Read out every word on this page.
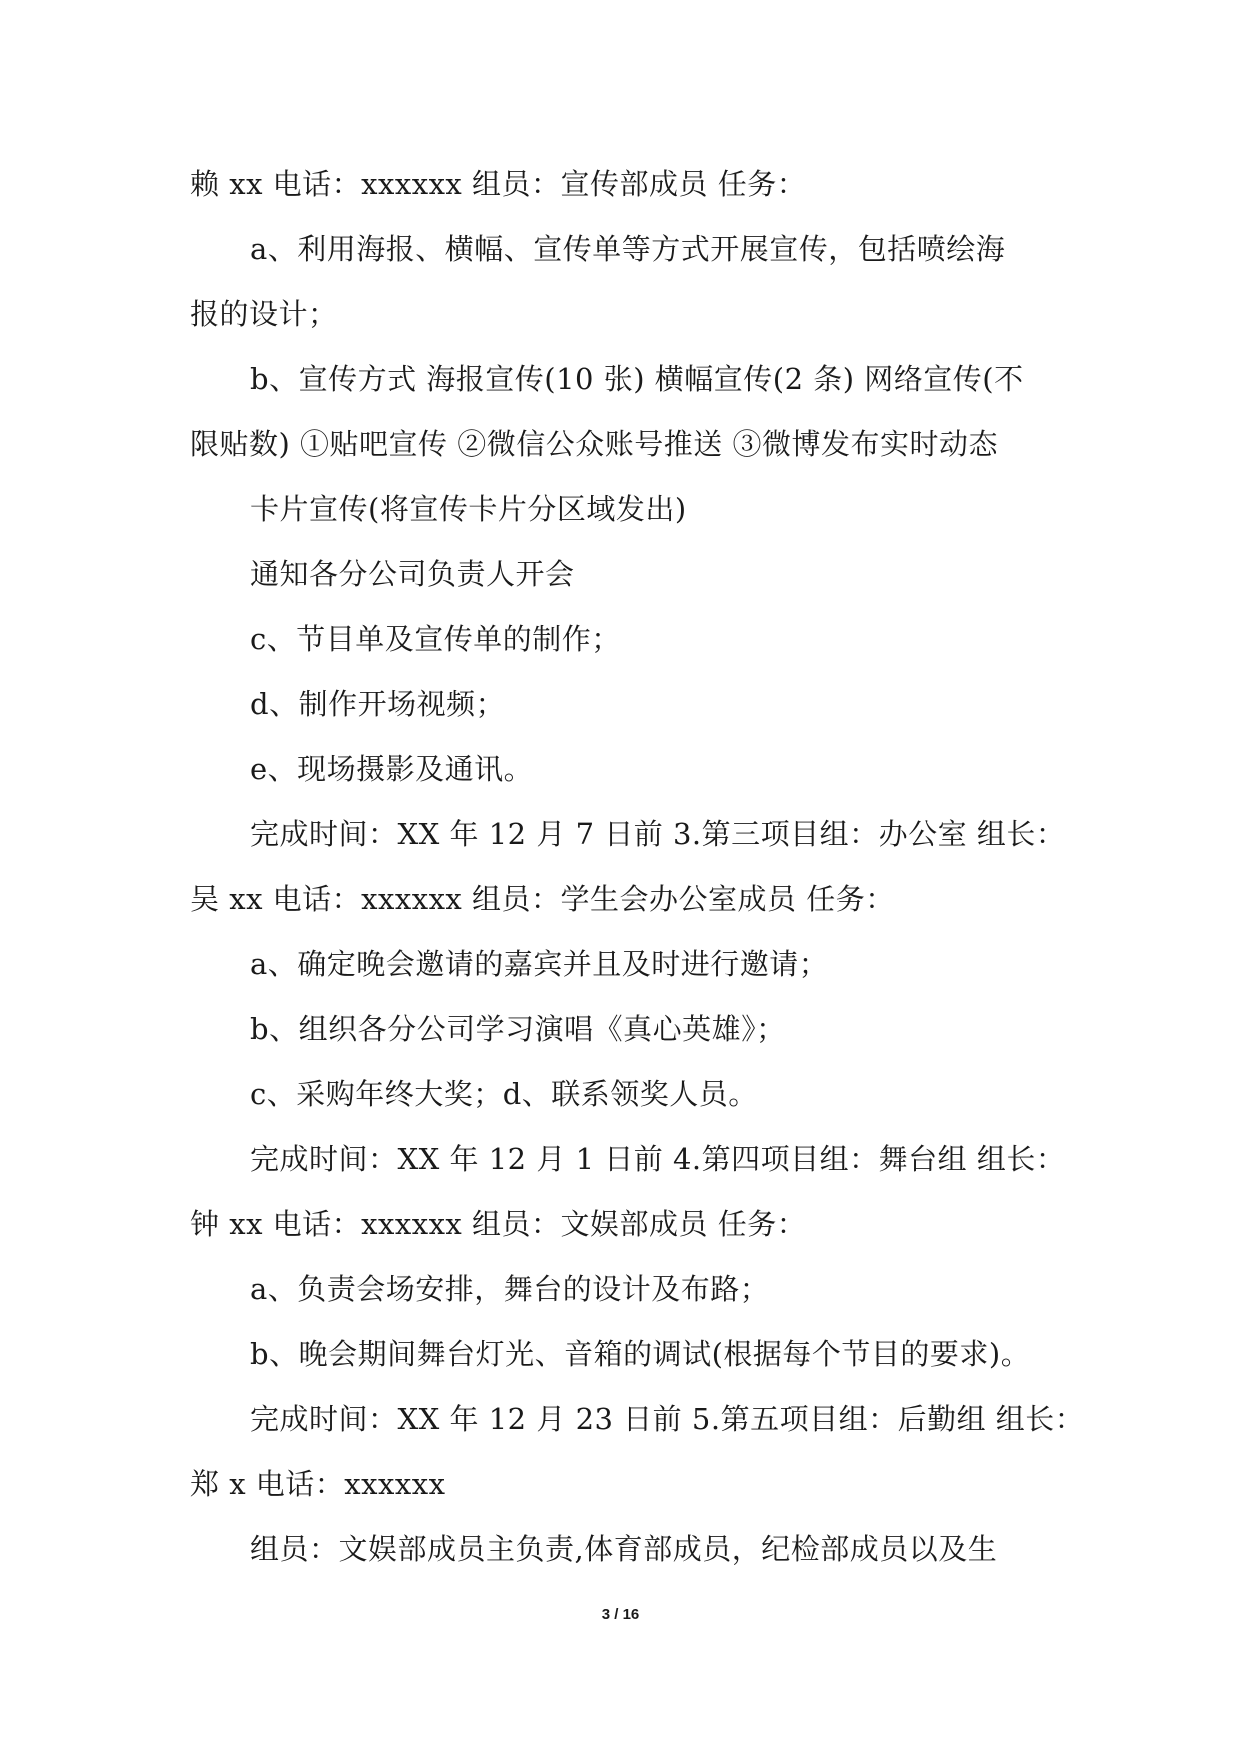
赖 xx 电话：xxxxxx 组员：宣传部成员 任务：
a、利用海报、横幅、宣传单等方式开展宣传，包括喷绘海
报的设计；
b、宣传方式 海报宣传(10 张) 横幅宣传(2 条) 网络宣传(不
限贴数) ①贴吧宣传 ②微信公众账号推送 ③微博发布实时动态
卡片宣传(将宣传卡片分区域发出)
通知各分公司负责人开会
c、节目单及宣传单的制作；
d、制作开场视频；
e、现场摄影及通讯。
完成时间：XX 年 12 月 7 日前 3.第三项目组：办公室 组长：
吴 xx 电话：xxxxxx 组员：学生会办公室成员 任务：
a、确定晚会邀请的嘉宾并且及时进行邀请；
b、组织各分公司学习演唱《真心英雄》；
c、采购年终大奖；d、联系领奖人员。
完成时间：XX 年 12 月 1 日前 4.第四项目组：舞台组 组长：
钟 xx 电话：xxxxxx 组员：文娱部成员 任务：
a、负责会场安排，舞台的设计及布路；
b、晚会期间舞台灯光、音箱的调试(根据每个节目的要求)。
完成时间：XX 年 12 月 23 日前 5.第五项目组：后勤组 组长：
郑 x 电话：xxxxxx
组员：文娱部成员主负责,体育部成员，纪检部成员以及生
3 / 16
